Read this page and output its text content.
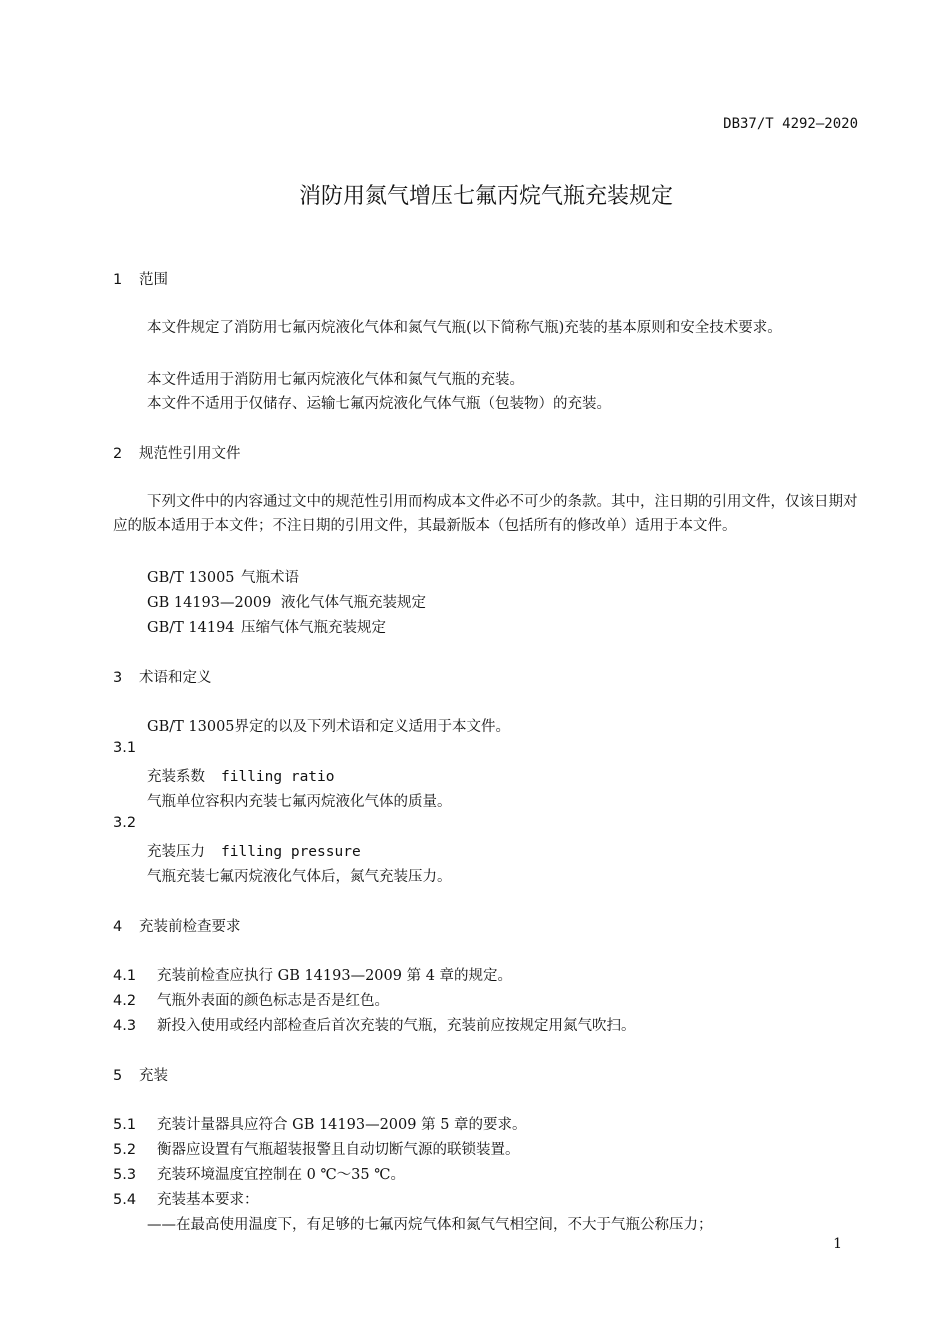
DB37/T 4292—2020
消防用氮气增压七氟丙烷气瓶充装规定
1 范围
本文件规定了消防用七氟丙烷液化气体和氮气气瓶(以下简称气瓶)充装的基本原则和安全技术要求。
本文件适用于消防用七氟丙烷液化气体和氮气气瓶的充装。
本文件不适用于仅储存、运输七氟丙烷液化气体气瓶（包装物）的充装。
2 规范性引用文件
下列文件中的内容通过文中的规范性引用而构成本文件必不可少的条款。其中，注日期的引用文件，仅该日期对应的版本适用于本文件；不注日期的引用文件，其最新版本（包括所有的修改单）适用于本文件。
GB/T 13005 气瓶术语
GB 14193—2009 液化气体气瓶充装规定
GB/T 14194 压缩气体气瓶充装规定
3 术语和定义
GB/T 13005界定的以及下列术语和定义适用于本文件。
3.1
充装系数 filling ratio
气瓶单位容积内充装七氟丙烷液化气体的质量。
3.2
充装压力 filling pressure
气瓶充装七氟丙烷液化气体后，氮气充装压力。
4 充装前检查要求
4.1 充装前检查应执行 GB 14193—2009 第 4 章的规定。
4.2 气瓶外表面的颜色标志是否是红色。
4.3 新投入使用或经内部检查后首次充装的气瓶，充装前应按规定用氮气吹扫。
5 充装
5.1 充装计量器具应符合 GB 14193—2009 第 5 章的要求。
5.2 衡器应设置有气瓶超装报警且自动切断气源的联锁装置。
5.3 充装环境温度宜控制在 0 ℃～35 ℃。
5.4 充装基本要求：
——在最高使用温度下，有足够的七氟丙烷气体和氮气气相空间，不大于气瓶公称压力；
1
